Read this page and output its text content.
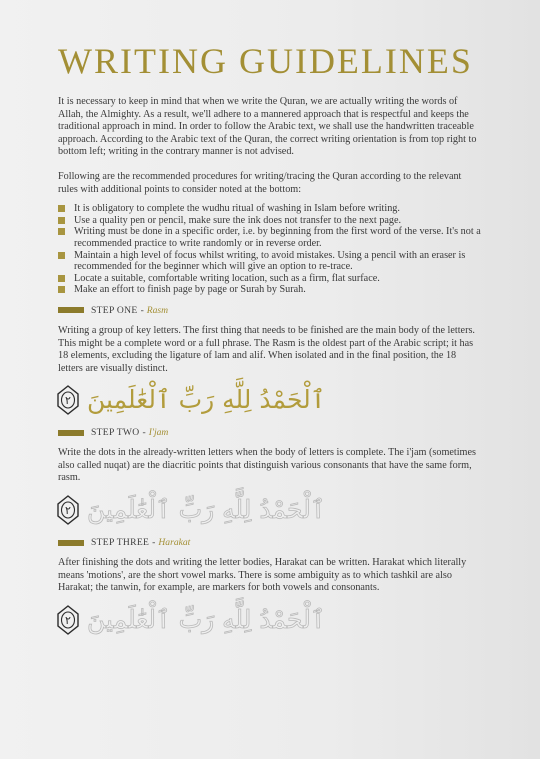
WRITING GUIDELINES

It is necessary to keep in mind that when we write the Quran, we are actually writing the words of Allah, the Almighty. As a result, we'll adhere to a mannered approach that is respectful and keeps the traditional approach in mind. In order to follow the Arabic text, we shall use the handwritten traceable approach. According to the Arabic text of the Quran, the correct writing orientation is from top right to bottom left; writing in the contrary manner is not advised.

Following are the recommended procedures for writing/tracing the Quran according to the relevant rules with additional points to consider noted at the bottom:

It is obligatory to complete the wudhu ritual of washing in Islam before writing.
Use a quality pen or pencil, make sure the ink does not transfer to the next page.
Writing must be done in a specific order, i.e. by beginning from the first word of the verse. It's not a recommended practice to write randomly or in reverse order.
Maintain a high level of focus whilst writing, to avoid mistakes. Using a pencil with an eraser is recommended for the beginner which will give an option to re-trace.
Locate a suitable, comfortable writing location, such as a firm, flat surface.
Make an effort to finish page by page or Surah by Surah.
STEP ONE - Rasm

Writing a group of key letters. The first thing that needs to be finished are the main body of the letters. This might be a complete word or a full phrase. The Rasm is the oldest part of the Arabic script; it has 18 elements, excluding the ligature of lam and alif. When isolated and in the final position, the 18 letters are visually distinct.

٢ ٱلْحَمْدُ لِلَّهِ رَبِّ ٱلْعَٰلَمِينَ
STEP TWO - I'jam

Write the dots in the already-written letters when the body of letters is complete. The i'jam (sometimes also called nuqat) are the diacritic points that distinguish various consonants that have the same form, rasm.

٢ ٱلْحَمْدُ لِلَّهِ رَبِّ ٱلْعَٰلَمِينَ
STEP THREE - Harakat

After finishing the dots and writing the letter bodies, Harakat can be written. Harakat which literally means 'motions', are the short vowel marks. There is some ambiguity as to which tashkil are also Harakat; the tanwin, for example, are markers for both vowels and consonants.

٢ ٱلْحَمْدُ لِلَّهِ رَبِّ ٱلْعَٰلَمِينَ
